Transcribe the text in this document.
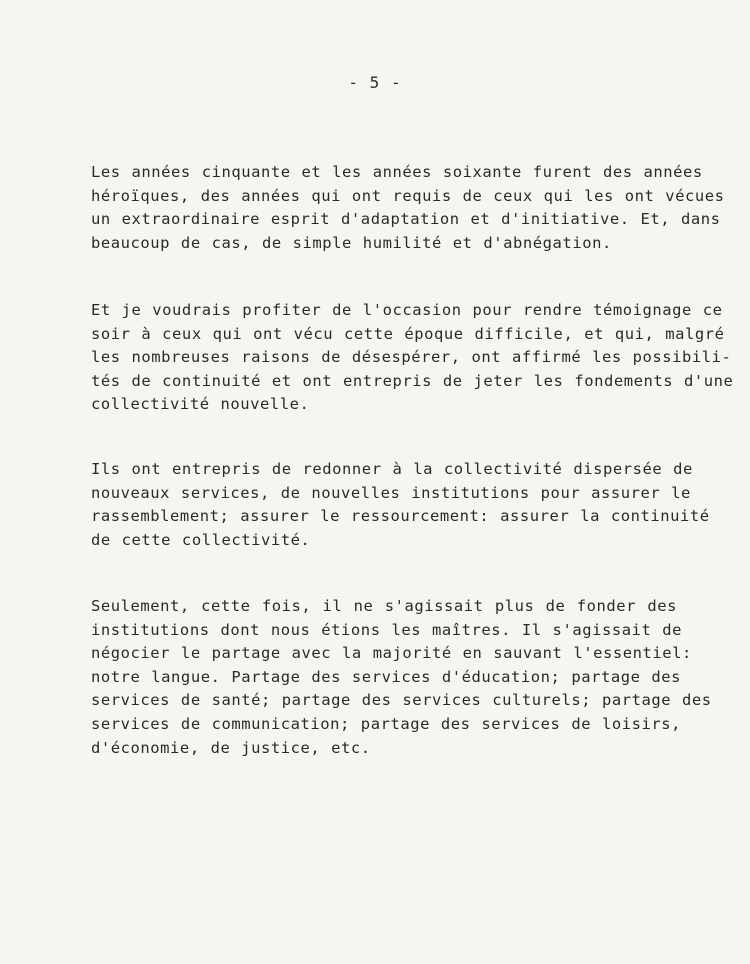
- 5 -
Les années cinquante et les années soixante furent des années
héroïques, des années qui ont requis de ceux qui les ont vécues
un extraordinaire esprit d'adaptation et d'initiative. Et, dans
beaucoup de cas, de simple humilité et d'abnégation.
Et je voudrais profiter de l'occasion pour rendre témoignage ce
soir à ceux qui ont vécu cette époque difficile, et qui, malgré
les nombreuses raisons de désespérer, ont affirmé les possibili-
tés de continuité et ont entrepris de jeter les fondements d'une
collectivité nouvelle.
Ils ont entrepris de redonner à la collectivité dispersée de
nouveaux services, de nouvelles institutions pour assurer le
rassemblement; assurer le ressourcement: assurer la continuité
de cette collectivité.
Seulement, cette fois, il ne s'agissait plus de fonder des
institutions dont nous étions les maîtres. Il s'agissait de
négocier le partage avec la majorité en sauvant l'essentiel:
notre langue. Partage des services d'éducation; partage des
services de santé; partage des services culturels; partage des
services de communication; partage des services de loisirs,
d'économie, de justice, etc.
